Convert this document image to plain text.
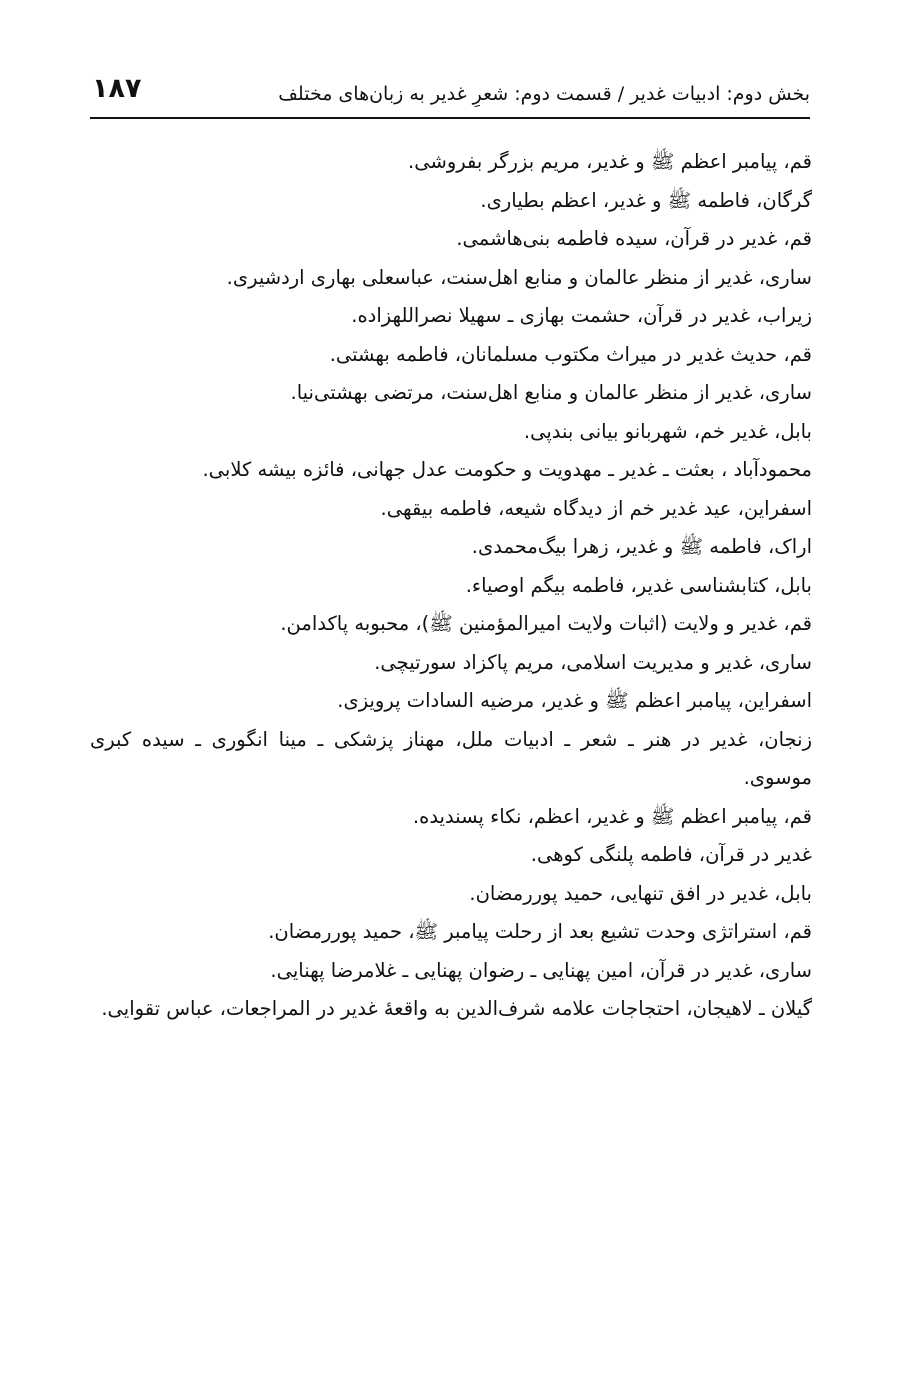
بخش دوم: ادبیات غدیر / قسمت دوم: شعرِ غدیر به زبان‌های مختلف
۱۸۷

قم، پیامبر اعظم ﷺ و غدیر، مریم بزرگر بفروشی.

گرگان، فاطمه ﷺ و غدیر، اعظم بطیاری.

قم، غدیر در قرآن، سیده فاطمه بنی‌هاشمی.

ساری، غدیر از منظر عالمان و منابع اهل‌سنت، عباسعلی بهاری اردشیری.

زیراب، غدیر در قرآن، حشمت بهازی ـ سهیلا نصراللهزاده.

قم، حدیث غدیر در میراث مکتوب مسلمانان، فاطمه بهشتی.

ساری، غدیر از منظر عالمان و منابع اهل‌سنت، مرتضی بهشتی‌نیا.

بابل، غدیر خم، شهربانو بیانی بندپی.

محمودآباد ، بعثت ـ غدیر ـ مهدویت و حکومت عدل جهانی، فائزه بیشه کلابی.

اسفراین، عید غدیر خم از دیدگاه شیعه، فاطمه بیقهی.

اراک، فاطمه ﷺ و غدیر، زهرا بیگ‌محمدی.

بابل، کتابشناسی غدیر، فاطمه بیگم اوصیاء.

قم، غدیر و ولایت (اثبات ولایت امیرالمؤمنین ﷺ)، محبوبه پاکدامن.

ساری، غدیر و مدیریت اسلامی، مریم پاکزاد سورتیچی.

اسفراین، پیامبر اعظم ﷺ و غدیر، مرضیه السادات پرویزی.

زنجان، غدیر در هنر ـ شعر ـ ادبیات ملل، مهناز پزشکی ـ مینا انگوری ـ سیده کبری موسوی.

قم، پیامبر اعظم ﷺ و غدیر، اعظم، نکاء پسندیده.

غدیر در قرآن، فاطمه پلنگی کوهی.

بابل، غدیر در افق تنهایی، حمید پوررمضان.

قم، استراتژی وحدت تشیع بعد از رحلت پیامبر ﷺ، حمید پوررمضان.

ساری، غدیر در قرآن، امین پهنایی ـ رضوان پهنایی ـ غلامرضا پهنایی.

گیلان ـ لاهیجان، احتجاجات علامه شرف‌الدین به واقعهٔ غدیر در المراجعات، عباس تقوایی.
